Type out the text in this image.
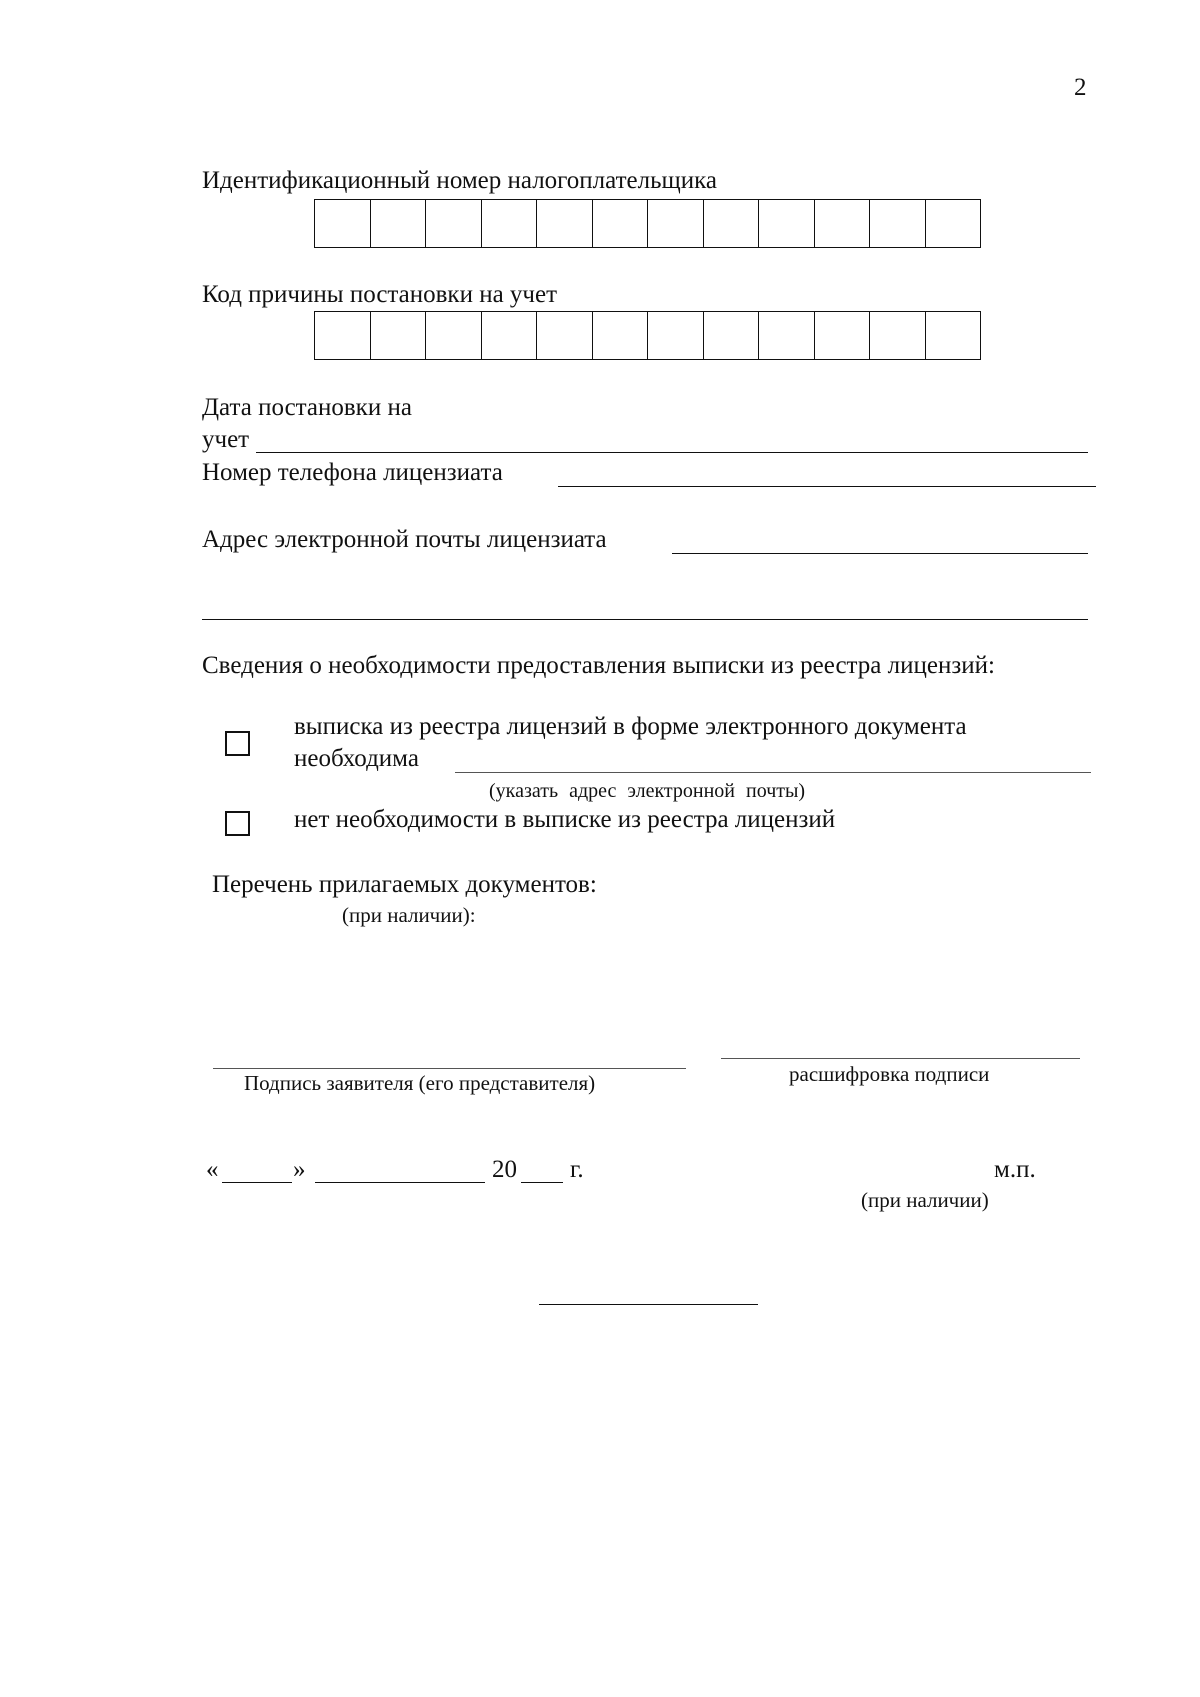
2
Идентификационный номер налогоплательщика
Код причины постановки на учет
Дата постановки на
учет
Номер телефона лицензиата
Адрес электронной почты лицензиата
Сведения о необходимости предоставления выписки из реестра лицензий:
выписка из реестра лицензий в форме электронного документа
необходима
(указать адрес электронной почты)
нет необходимости в выписке из реестра лицензий
Перечень прилагаемых документов:
(при наличии):
Подпись заявителя (его представителя)	расшифровка подписи
«	»	20 г.	м.п.
(при наличии)
